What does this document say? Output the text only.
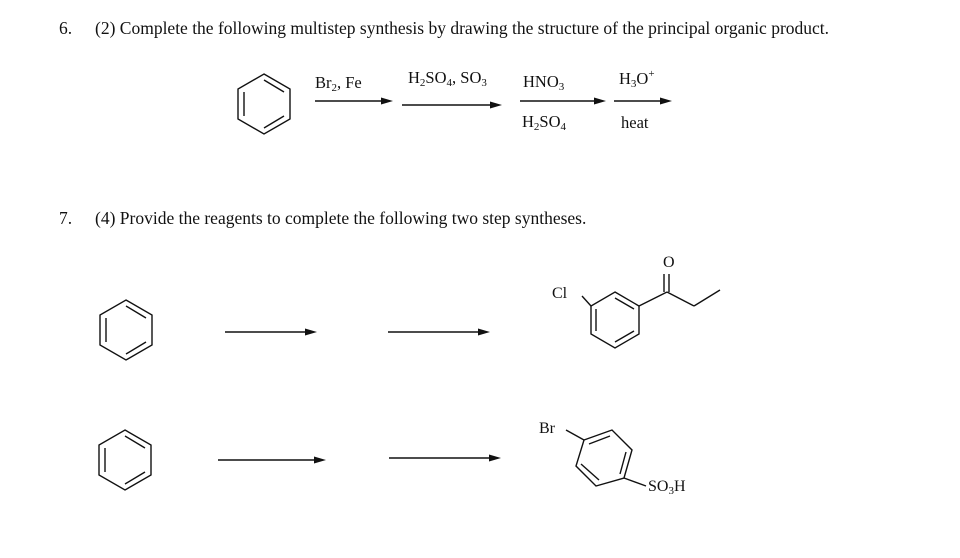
6. (2) Complete the following multistep synthesis by drawing the structure of the principal organic product.
$Br_2$, Fe	$H_2SO_4$, $SO_3$ $HNO_3$
$H_2SO_4$
$H_3O^+$
heat
7. (4) Provide the reagents to complete the following two step syntheses.
Cl
O
Br
$SO_3H$
